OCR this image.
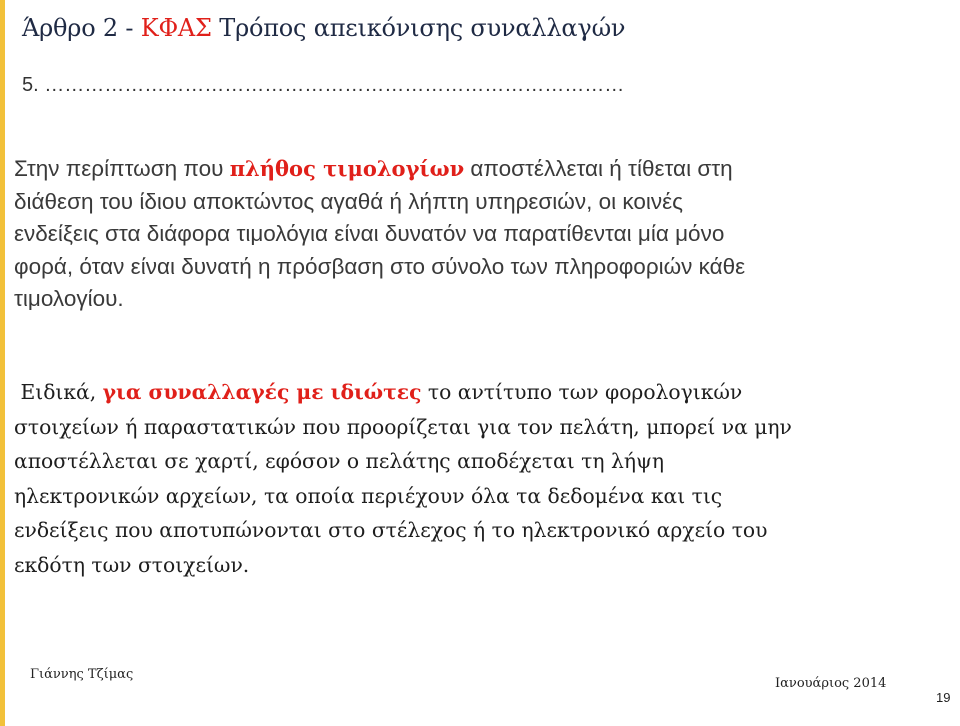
Άρθρο 2 - ΚΦΑΣ Τρόπος απεικόνισης συναλλαγών
5. ……………………………………………………………………………
Στην περίπτωση που πλήθος τιμολογίων αποστέλλεται ή τίθεται στη
διάθεση του ίδιου αποκτώντος αγαθά ή λήπτη υπηρεσιών, οι κοινές
ενδείξεις στα διάφορα τιμολόγια είναι δυνατόν να παρατίθενται μία μόνο
φορά, όταν είναι δυνατή η πρόσβαση στο σύνολο των πληροφοριών κάθε
τιμολογίου.
Ειδικά, για συναλλαγές με ιδιώτες το αντίτυπο των φορολογικών
στοιχείων ή παραστατικών που προορίζεται για τον πελάτη, μπορεί να μην
αποστέλλεται σε χαρτί, εφόσον ο πελάτης αποδέχεται τη λήψη
ηλεκτρονικών αρχείων, τα οποία περιέχουν όλα τα δεδομένα και τις
ενδείξεις που αποτυπώνονται στο στέλεχος ή το ηλεκτρονικό αρχείο του
εκδότη των στοιχείων.
Γιάννης Τζίμας
Ιανουάριος 2014
19
